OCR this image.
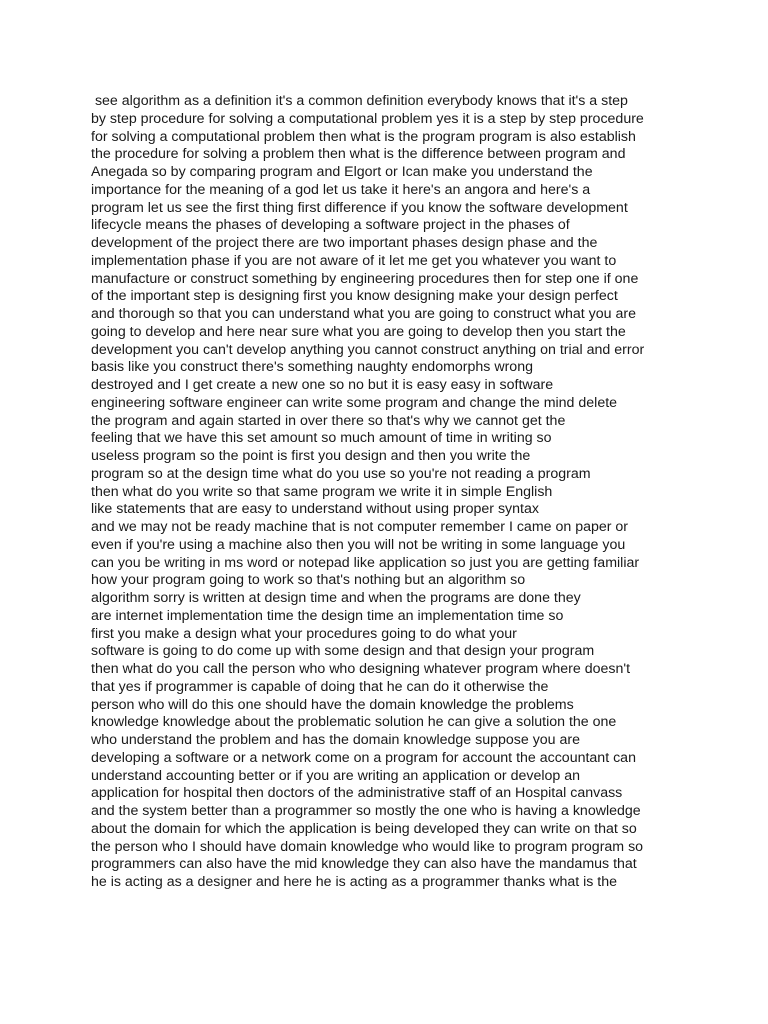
see algorithm as a definition it's a common definition everybody knows that it's a step
by step procedure for solving a computational problem yes it is a step by step procedure
for solving a computational problem then what is the program program is also establish
the procedure for solving a problem then what is the difference between program and
Anegada so by comparing program and Elgort or Ican make you understand the
importance for the meaning of a god let us take it here's an angora and here's a
program let us see the first thing first difference if you know the software development
lifecycle means the phases of developing a software project in the phases of
development of the project there are two important phases design phase and the
implementation phase if you are not aware of it let me get you whatever you want to
manufacture or construct something by engineering procedures then for step one if one
of the important step is designing first you know designing make your design perfect
and thorough so that you can understand what you are going to construct what you are
going to develop and here near sure what you are going to develop then you start the
development you can't develop anything you cannot construct anything on trial and error
basis like you construct there's something naughty endomorphs wrong
destroyed and I get create a new one so no but it is easy easy in software
engineering software engineer can write some program and change the mind delete
the program and again started in over there so that's why we cannot get the
feeling that we have this set amount so much amount of time in writing so
useless program so the point is first you design and then you write the
program so at the design time what do you use so you're not reading a program
then what do you write so that same program we write it in simple English
like statements that are easy to understand without using proper syntax
and we may not be ready machine that is not computer remember I came on paper or
even if you're using a machine also then you will not be writing in some language you
can you be writing in ms word or notepad like application so just you are getting familiar
how your program going to work so that's nothing but an algorithm so
algorithm sorry is written at design time and when the programs are done they
are internet implementation time the design time an implementation time so
first you make a design what your procedures going to do what your
software is going to do come up with some design and that design your program
then what do you call the person who who designing whatever program where doesn't
that yes if programmer is capable of doing that he can do it otherwise the
person who will do this one should have the domain knowledge the problems
knowledge knowledge about the problematic solution he can give a solution the one
who understand the problem and has the domain knowledge suppose you are
developing a software or a network come on a program for account the accountant can
understand accounting better or if you are writing an application or develop an
application for hospital then doctors of the administrative staff of an Hospital canvass
and the system better than a programmer so mostly the one who is having a knowledge
about the domain for which the application is being developed they can write on that so
the person who I should have domain knowledge who would like to program program so
programmers can also have the mid knowledge they can also have the mandamus that
he is acting as a designer and here he is acting as a programmer thanks what is the
